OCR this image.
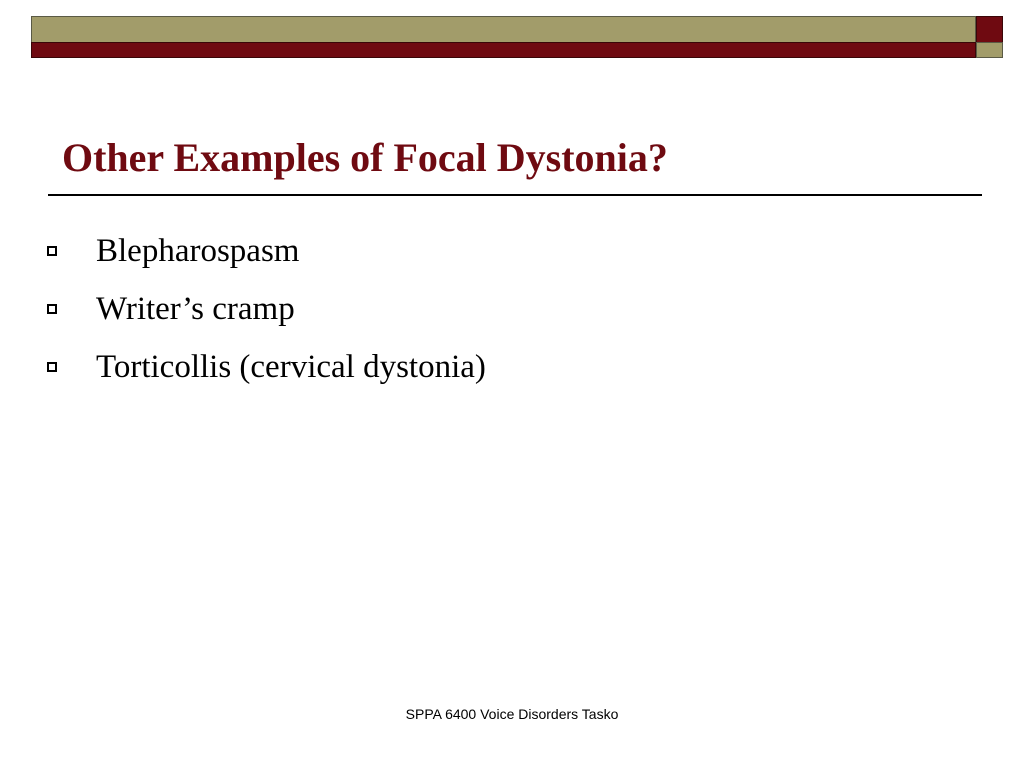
Other Examples of Focal Dystonia?
Blepharospasm
Writer’s cramp
Torticollis (cervical dystonia)
SPPA 6400 Voice Disorders Tasko
